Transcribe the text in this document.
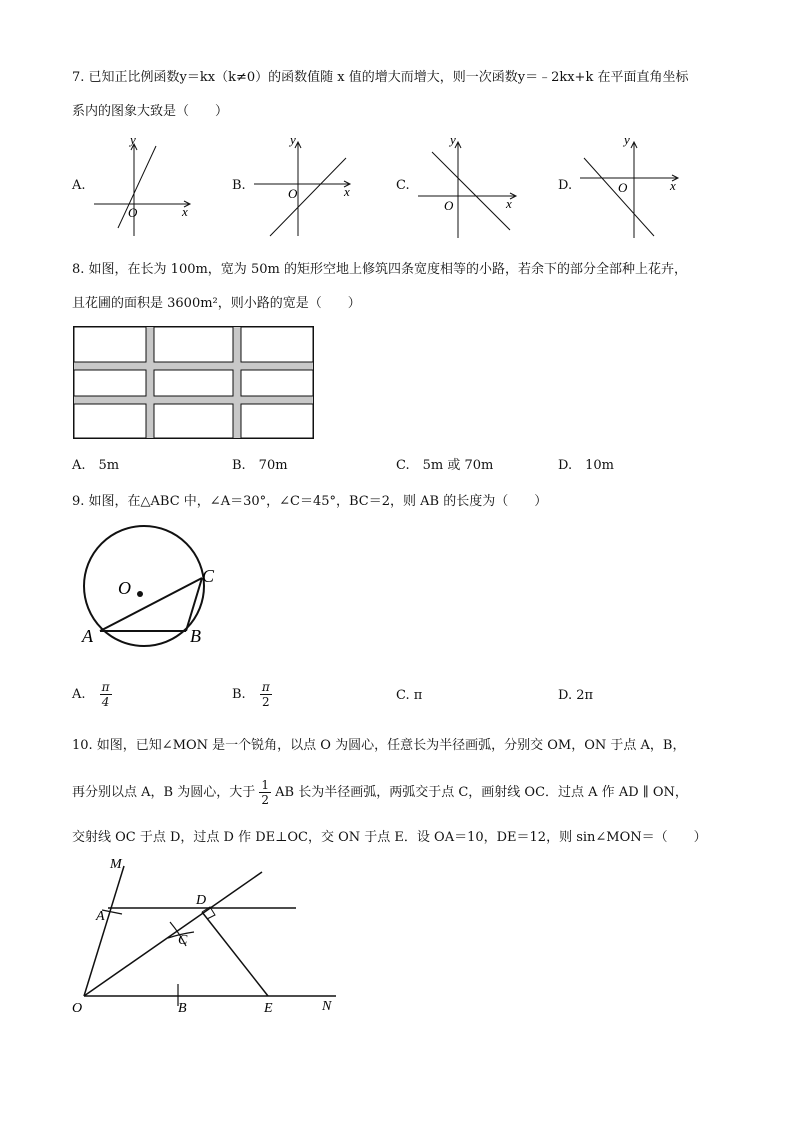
7. 已知正比例函数y＝kx（k≠0）的函数值随 x 值的增大而增大，则一次函数y＝﹣2kx+k 在平面直角坐标
系内的图象大致是（　　）
A.
y
x
O
B.
y
x
O
C.
y
x
O
D.
y
x
O
8. 如图，在长为 100m，宽为 50m 的矩形空地上修筑四条宽度相等的小路，若余下的部分全部种上花卉，
且花圃的面积是 3600m²，则小路的宽是（　　）
A.　5m	B.　70m	C.　5m 或 70m	D.　10m
9. 如图，在△ABC 中，∠A＝30°，∠C＝45°，BC＝2，则 AB 的长度为（　　）
O
A	B
C
A. $\frac{\pi}{4}$	B. $\frac{\pi}{2}$	C. π	D. 2π
10. 如图，已知∠MON 是一个锐角，以点 O 为圆心，任意长为半径画弧，分别交 OM，ON 于点 A，B，
再分别以点 A，B 为圆心，大于 $\frac{1}{2}$ AB 长为半径画弧，两弧交于点 C，画射线 OC．过点 A 作 AD ∥ ON，
交射线 OC 于点 D，过点 D 作 DE⊥OC，交 ON 于点 E．设 OA＝10，DE＝12，则 sin∠MON＝（　　）
M
A
D
C
O	B	E	N
